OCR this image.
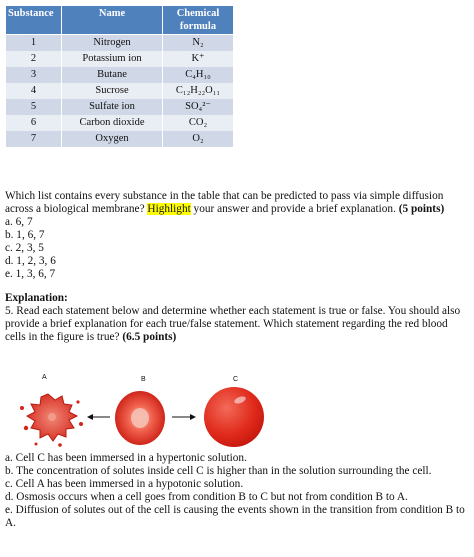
Substance	Name	Chemical formula
1	Nitrogen	N₂
2	Potassium ion	K⁺
3	Butane	C₄H₁₀
4	Sucrose	C₁₂H₂₂O₁₁
5	Sulfate ion	SO₄²⁻
6	Carbon dioxide	CO₂
7	Oxygen	O₂

Which list contains every substance in the table that can be predicted to pass via simple diffusion across a biological membrane? Highlight your answer and provide a brief explanation. (5 points)

a. 6, 7
b. 1, 6, 7
c. 2, 3, 5
d. 1, 2, 3, 6
e. 1, 3, 6, 7

Explanation:

5. Read each statement below and determine whether each statement is true or false. You should also provide a brief explanation for each true/false statement. Which statement regarding the red blood cells in the figure is true? (6.5 points)

A	B	C
a. Cell C has been immersed in a hypertonic solution.
b. The concentration of solutes inside cell C is higher than in the solution surrounding the cell.
c. Cell A has been immersed in a hypotonic solution.
d. Osmosis occurs when a cell goes from condition B to C but not from condition B to A.
e. Diffusion of solutes out of the cell is causing the events shown in the transition from condition B to A.
